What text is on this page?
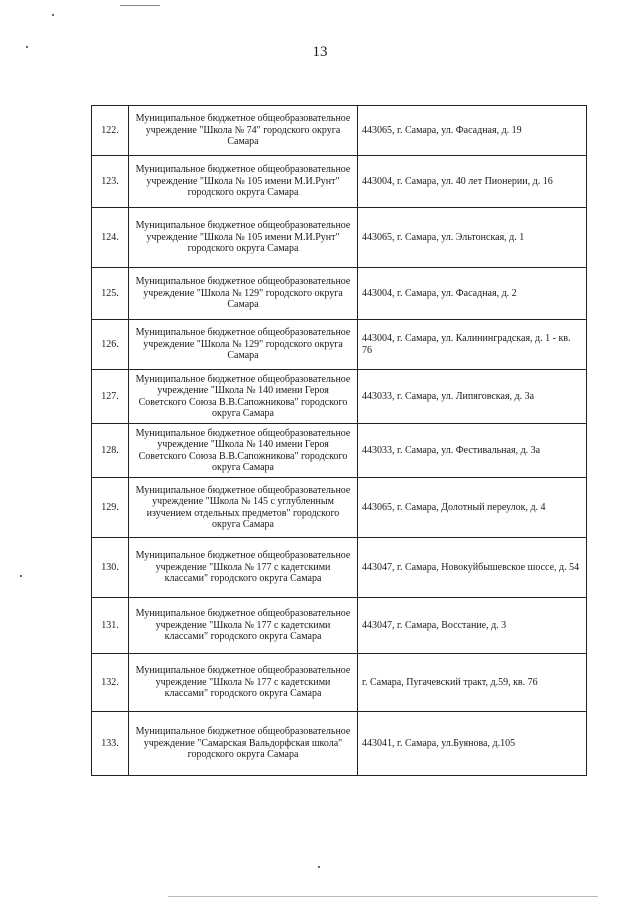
13
122.	Муниципальное бюджетное общеобразовательное учреждение "Школа № 74" городского округа Самара	443065, г. Самара, ул. Фасадная, д. 19
123.	Муниципальное бюджетное общеобразовательное учреждение "Школа № 105 имени М.И.Рунт" городского округа Самара	443004, г. Самара, ул. 40 лет Пионерии, д. 16
124.	Муниципальное бюджетное общеобразовательное учреждение "Школа № 105 имени М.И.Рунт" городского округа Самара	443065, г. Самара, ул. Эльтонская, д. 1
125.	Муниципальное бюджетное общеобразовательное учреждение "Школа № 129" городского округа Самара	443004, г. Самара, ул. Фасадная, д. 2
126.	Муниципальное бюджетное общеобразовательное учреждение "Школа № 129" городского округа Самара	443004, г. Самара, ул. Калининградская, д. 1 - кв. 76
127.	Муниципальное бюджетное общеобразовательное учреждение "Школа № 140 имени Героя Советского Союза В.В.Сапожникова" городского округа Самара	443033, г. Самара, ул. Липяговская, д. 3а
128.	Муниципальное бюджетное общеобразовательное учреждение "Школа № 140 имени Героя Советского Союза В.В.Сапожникова" городского округа Самара	443033, г. Самара, ул. Фестивальная, д. 3а
129.	Муниципальное бюджетное общеобразовательное учреждение "Школа № 145 с углубленным изучением отдельных предметов" городского округа Самара	443065, г. Самара, Долотный переулок, д. 4
130.	Муниципальное бюджетное общеобразовательное учреждение "Школа № 177 с кадетскими классами" городского округа Самара	443047, г. Самара, Новокуйбышевское шоссе, д. 54
131.	Муниципальное бюджетное общеобразовательное учреждение "Школа № 177 с кадетскими классами" городского округа Самара	443047, г. Самара, Восстание, д. 3
132.	Муниципальное бюджетное общеобразовательное учреждение "Школа № 177 с кадетскими классами" городского округа Самара	г. Самара, Пугачевский тракт, д.59, кв. 76
133.	Муниципальное бюджетное общеобразовательное учреждение "Самарская Вальдорфская школа" городского округа Самара	443041, г. Самара, ул.Буянова, д.105
